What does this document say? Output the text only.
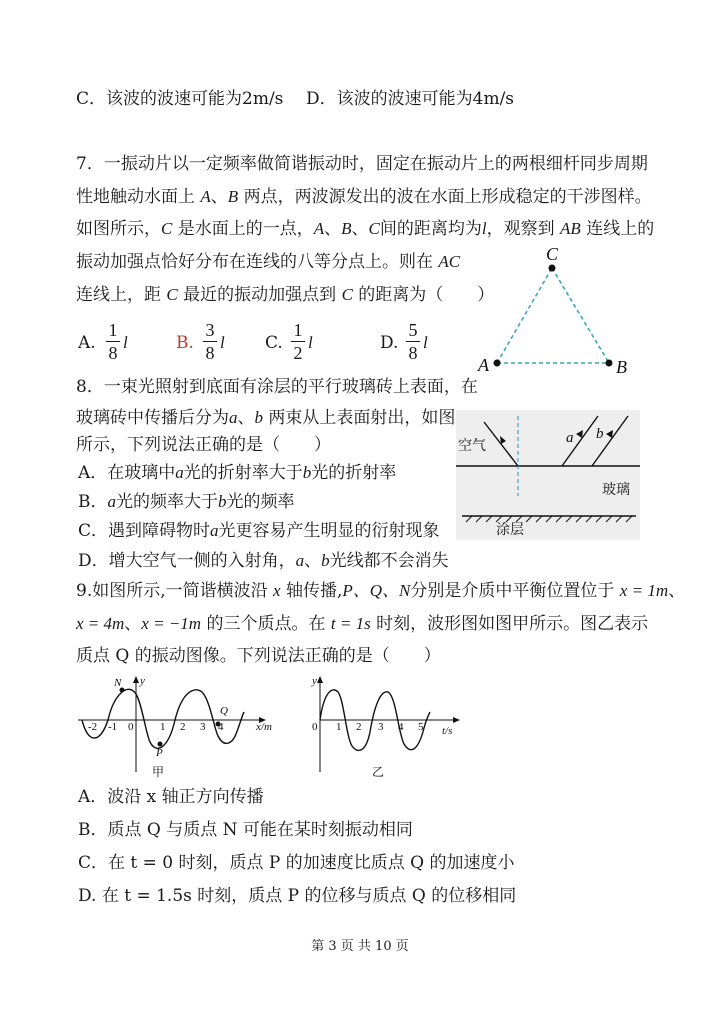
C．该波的波速可能为2m/s D．该波的波速可能为4m/s
7．一振动片以一定频率做简谐振动时，固定在振动片上的两根细杆同步周期
性地触动水面上 A、B 两点，两波源发出的波在水面上形成稳定的干涉图样。
如图所示，C 是水面上的一点，A、B、C间的距离均为l，观察到 AB 连线上的
振动加强点恰好分布在连线的八等分点上。则在 AC
连线上，距 C 最近的振动加强点到 C 的距离为（　　）
A.
1
8
l	B.
3
8
l C.
1
2
l	D.
5
8
l
C
A	B
8．一束光照射到底面有涂层的平行玻璃砖上表面，在
玻璃砖中传播后分为a、b 两束从上表面射出，如图
所示，下列说法正确的是（　　）
A．在玻璃中a光的折射率大于b光的折射率
B．a光的频率大于b光的频率
C．遇到障碍物时a光更容易产生明显的衍射现象
D．增大空气一侧的入射角，a、b光线都不会消失
空气
a b
玻璃
涂层
9.如图所示,一简谐横波沿 x 轴传播,P、Q、N分别是介质中平衡位置位于 x = 1m、
x = 4m、x = −1m 的三个质点。在 t = 1s 时刻，波形图如图甲所示。图乙表示
质点 Q 的振动图像。下列说法正确的是（　　）
N
P
Q
y
x/m
-2 -1 0 1 2 3 4
甲
y
t/s
0 1 2 3 4 5
乙
A．波沿 x 轴正方向传播
B．质点 Q 与质点 N 可能在某时刻振动相同
C．在 t = 0 时刻，质点 P 的加速度比质点 Q 的加速度小
D. 在 t = 1.5s 时刻，质点 P 的位移与质点 Q 的位移相同
第 3 页 共 10 页
